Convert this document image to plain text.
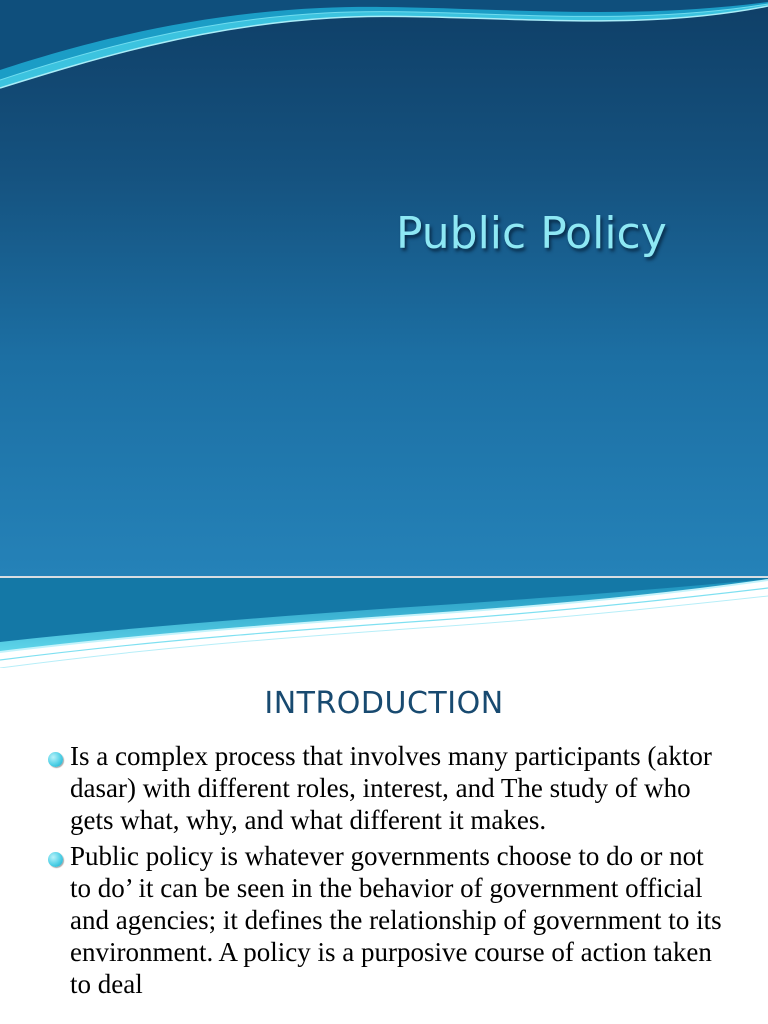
Public Policy
INTRODUCTION
Is a complex process that involves many participants (aktor dasar) with different roles, interest, and The study of who gets what, why, and what different it makes.
Public policy is whatever governments choose to do or not to do’ it can be seen in the behavior of government official and agencies; it defines the relationship of government to its environment. A policy is a purposive course of action taken to deal
